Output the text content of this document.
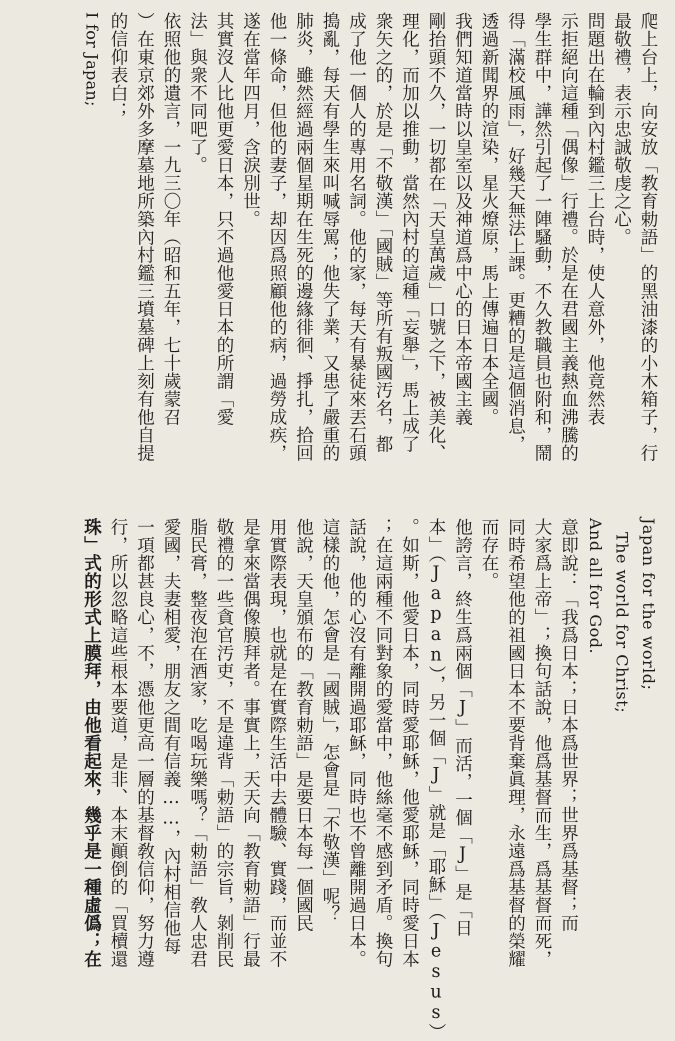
爬上台上，向安放「教育勅語」的黑油漆的小木箱子，行
最敬禮，表示忠誠敬虔之心。
問題出在輪到內村鑑三上台時，使人意外，他竟然表
示拒絕向這種「偶像」行禮。於是在君國主義熱血沸騰的
學生群中，譁然引起了一陣騷動，不久教職員也附和，鬧
得「滿校風雨」，好幾天無法上課。更糟的是這個消息，
透過新聞界的渲染，星火燎原，馬上傳遍日本全國。
我們知道當時以皇室以及神道爲中心的日本帝國主義
剛抬頭不久，一切都在「天皇萬歲」口號之下，被美化、
理化，而加以推動，當然內村的這種「妄舉」，馬上成了
衆矢之的，於是「不敬漢」「國賊」等所有叛國汚名，都
成了他一個人的專用名詞。他的家，每天有暴徒來丟石頭
搗亂，每天有學生來叫喊辱罵；他失了業，又患了嚴重的
肺炎，雖然經過兩個星期在生死的邊緣徘徊、掙扎，拾回
他一條命，但他的妻子，却因爲照顧他的病，過勞成疾，
遂在當年四月，含淚別世。
其實沒人比他更愛日本，只不過他愛日本的所謂「愛
法」與衆不同吧了。
依照他的遺言，一九三〇年（昭和五年，七十歲蒙召
）在東京郊外多摩墓地所築內村鑑三墳墓碑上刻有他自提
的信仰表白；
I for Japan;
Japan for the world;
The world for Christ;
And all for God.
意即說：「我爲日本；日本爲世界；世界爲基督；而
大家爲上帝」；換句話說，他爲基督而生，爲基督而死，
同時希望他的祖國日本不要背棄眞理，永遠爲基督的榮耀
而存在。
他誇言，終生爲兩個「J」而活，一個「J」是「日
本」（Japan），另一個「J」就是「耶穌」（Jesus）
。如斯，他愛日本，同時愛耶穌，他愛耶穌，同時愛日本
；在這兩種不同對象的愛當中，他絲毫不感到矛盾。換句
話說，他的心沒有離開過耶穌，同時也不曾離開過日本。
這樣的他，怎會是「國賊」，怎會是「不敬漢」呢？
他說，天皇頒布的「教育勅語」是要日本每一個國民
用實際表現，也就是在實際生活中去體驗、實踐，而並不
是拿來當偶像膜拜者。事實上，天天向「教育勅語」行最
敬禮的一些貪官汚吏，不是違背「勅語」的宗旨，剝削民
脂民膏，整夜泡在酒家，吃喝玩樂嗎？「勅語」敎人忠君
愛國，夫妻相愛，朋友之間有信義……，內村相信他每
一項都甚良心，不，憑他更高一層的基督敎信仰，努力遵
行，所以忽略這些根本要道，是非、本末顚倒的「買櫝還
珠」式的形式上膜拜，由他看起來，幾乎是一種虛僞；在
